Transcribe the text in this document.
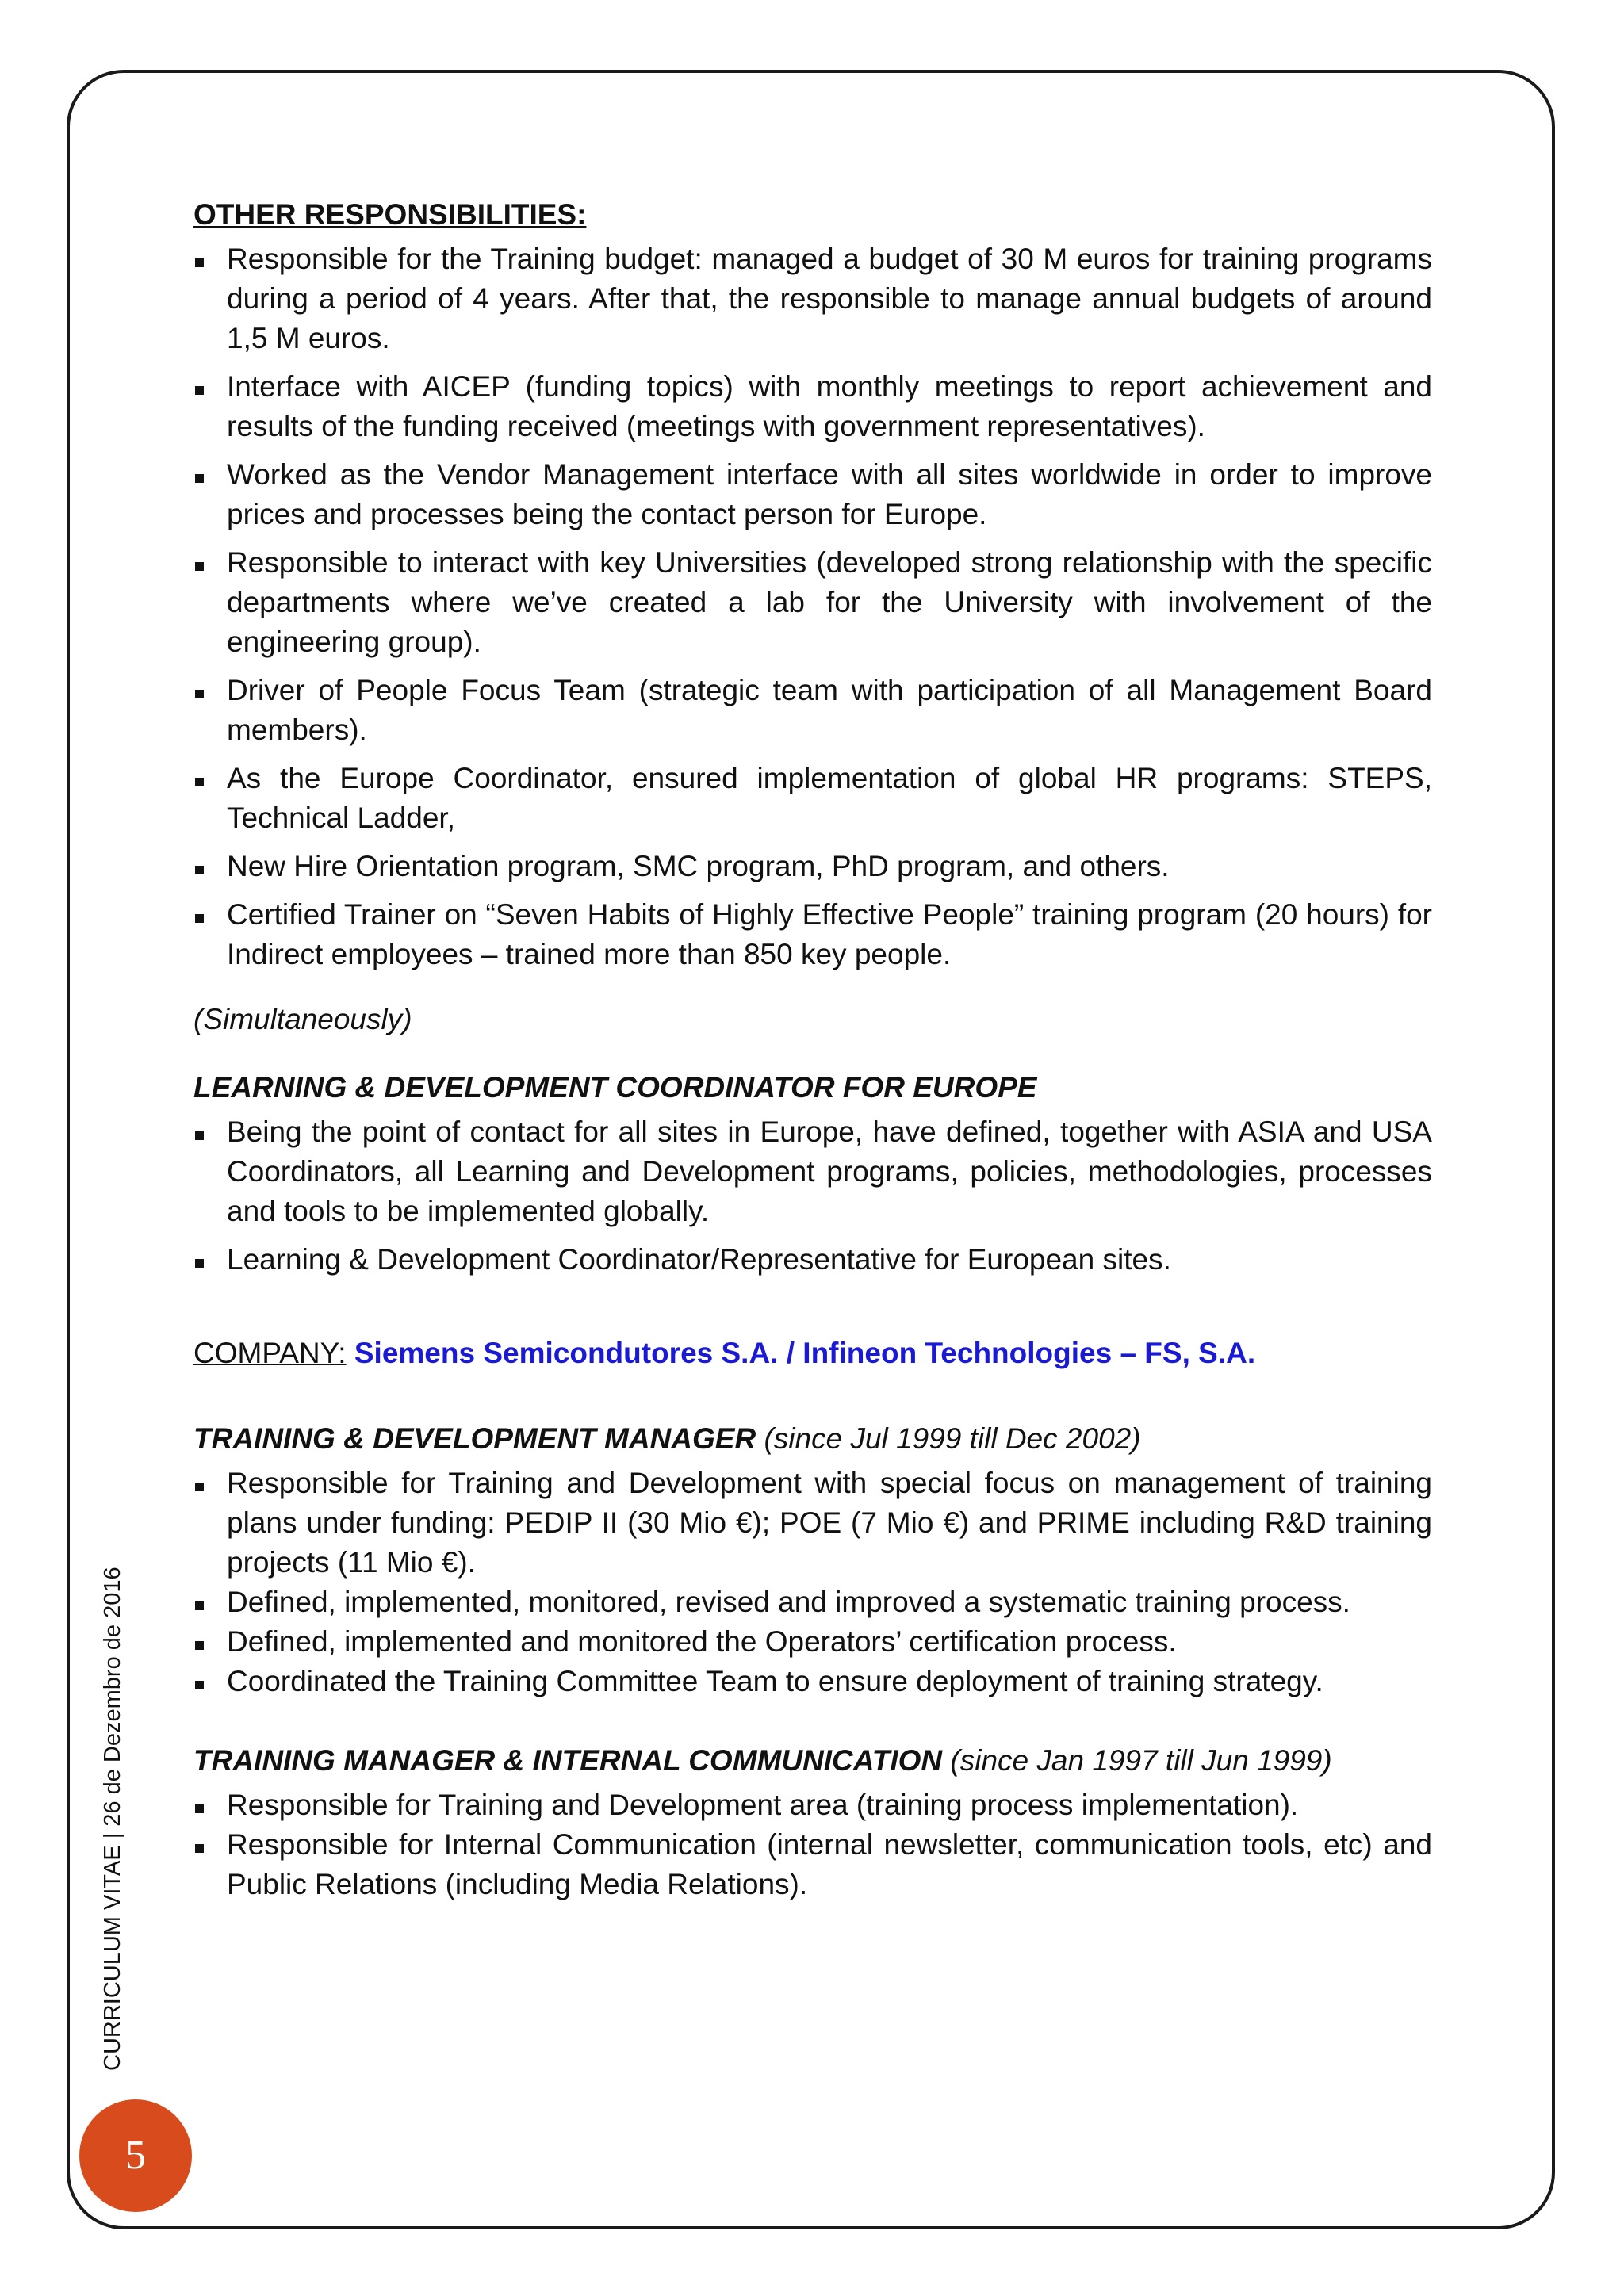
OTHER RESPONSIBILITIES:
Responsible for the Training budget: managed a budget of 30 M euros for training programs during a period of 4 years. After that, the responsible to manage annual budgets of around 1,5 M euros.
Interface with AICEP (funding topics) with monthly meetings to report achievement and results of the funding received (meetings with government representatives).
Worked as the Vendor Management interface with all sites worldwide in order to improve prices and processes being the contact person for Europe.
Responsible to interact with key Universities (developed strong relationship with the specific departments where we’ve created a lab for the University with involvement of the engineering group).
Driver of People Focus Team (strategic team with participation of all Management Board members).
As the Europe Coordinator, ensured implementation of global HR programs: STEPS, Technical Ladder,
New Hire Orientation program, SMC program, PhD program, and others.
Certified Trainer on “Seven Habits of Highly Effective People” training program (20 hours) for Indirect employees – trained more than 850 key people.
(Simultaneously)
LEARNING & DEVELOPMENT COORDINATOR FOR EUROPE
Being the point of contact for all sites in Europe, have defined, together with ASIA and USA Coordinators, all Learning and Development programs, policies, methodologies, processes and tools to be implemented globally.
Learning & Development Coordinator/Representative for European sites.
COMPANY: Siemens Semicondutores S.A. / Infineon Technologies – FS, S.A.
TRAINING & DEVELOPMENT MANAGER (since Jul 1999 till Dec 2002)
Responsible for Training and Development with special focus on management of training plans under funding: PEDIP II (30 Mio €); POE (7 Mio €) and PRIME including R&D training projects (11 Mio €).
Defined, implemented, monitored, revised and improved a systematic training process.
Defined, implemented and monitored the Operators’ certification process.
Coordinated the Training Committee Team to ensure deployment of training strategy.
TRAINING MANAGER & INTERNAL COMMUNICATION (since Jan 1997 till Jun 1999)
Responsible for Training and Development area (training process implementation).
Responsible for Internal Communication (internal newsletter, communication tools, etc) and Public Relations (including Media Relations).
CURRICULUM VITAE | 26 de Dezembro de 2016
5
